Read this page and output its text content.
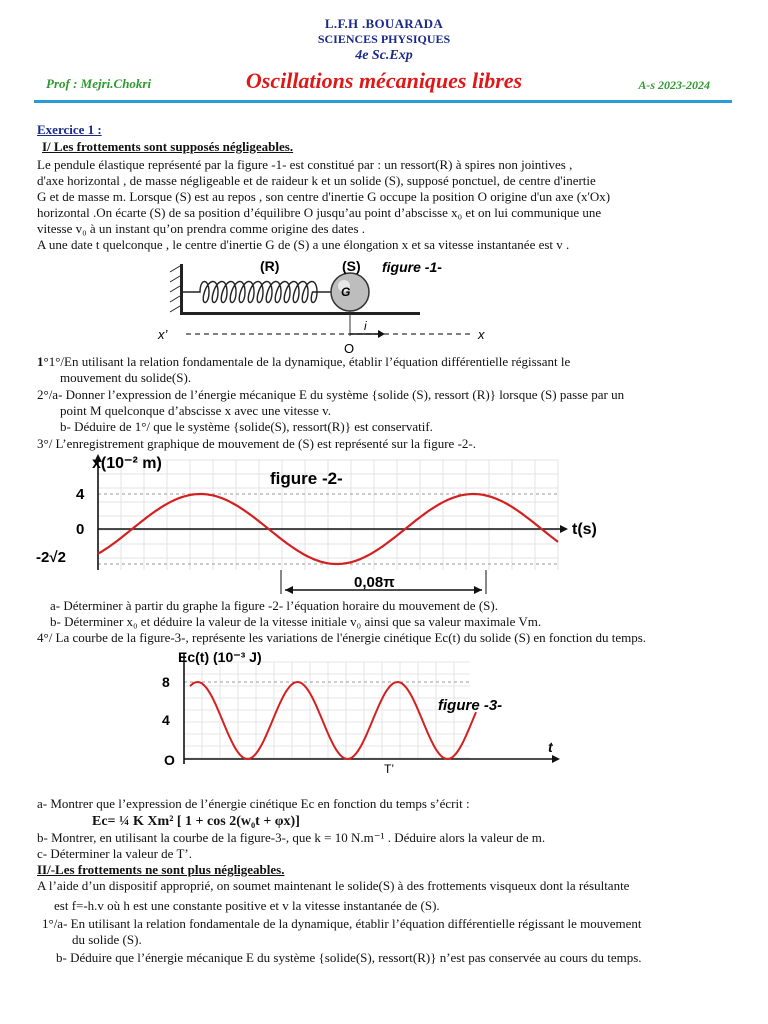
L.F.H .BOUARADA
SCIENCES PHYSIQUES
4e Sc.Exp
Prof : Mejri.Chokri	Oscillations mécaniques libres	A-s 2023-2024
Exercice 1 :
I/ Les frottements sont supposés négligeables.
Le pendule élastique représenté par la figure -1- est constitué par : un ressort(R) à spires non jointives ,
d'axe horizontal , de masse négligeable et de raideur k et un solide (S), supposé ponctuel, de centre d'inertie
G et de masse m. Lorsque (S) est au repos , son centre d'inertie G occupe la position O origine d'un axe (x'Ox)
horizontal .On écarte (S) de sa position d’équilibre O jusqu’au point d’abscisse x₀ et on lui communique une
vitesse v₀ à un instant qu’on prendra comme origine des dates .
A une date t quelconque , le centre d'inertie G de (S) a une élongation x et sa vitesse instantanée est v .
G
(R)	(S) figure -1-
x’	x
O
i
1°1°/En utilisant la relation fondamentale de la dynamique, établir l’équation différentielle régissant le
mouvement du solide(S).
2°/a- Donner l’expression de l’énergie mécanique E du système {solide (S), ressort (R)} lorsque (S) passe par un
point M quelconque d’abscisse x avec une vitesse v.
b- Déduire de 1°/ que le système {solide(S), ressort(R)} est conservatif.
3°/ L’enregistrement graphique de mouvement de (S) est représenté sur la figure -2-.
x(10⁻² m)
figure -2-
4
0
-2√2
t(s)
0,08π
a- Déterminer à partir du graphe la figure -2- l’équation horaire du mouvement de (S).
b- Déterminer x₀ et déduire la valeur de la vitesse initiale v₀ ainsi que sa valeur maximale Vm.
4°/ La courbe de la figure-3-, représente les variations de l'énergie cinétique Ec(t) du solide (S) en fonction du temps.
Ec(t) (10⁻³ J)
figure -3-
8
4
O
t
T’
a- Montrer que l’expression de l’énergie cinétique Ec en fonction du temps s’écrit :
Ec= ¼ K Xm² [ 1 + cos 2(w₀t + φx)]
b- Montrer, en utilisant la courbe de la figure-3-, que k = 10 N.m⁻¹ . Déduire alors la valeur de m.
c- Déterminer la valeur de T’.
II/-Les frottements ne sont plus négligeables.
A l’aide d’un dispositif approprié, on soumet maintenant le solide(S) à des frottements visqueux dont la résultante
est f=-h.v où h est une constante positive et v la vitesse instantanée de (S).
1°/a- En utilisant la relation fondamentale de la dynamique, établir l’équation différentielle régissant le mouvement
du solide (S).
b- Déduire que l’énergie mécanique E du système {solide(S), ressort(R)} n’est pas conservée au cours du temps.
